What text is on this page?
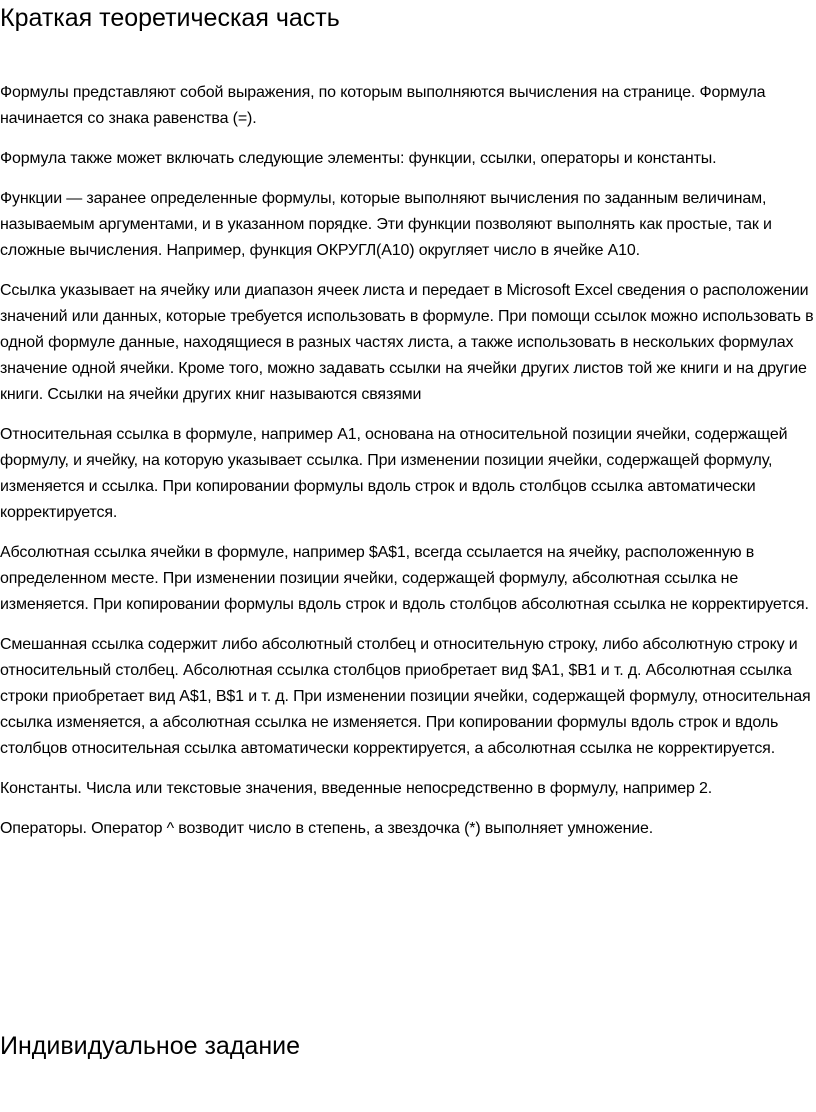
Краткая теоретическая часть

Формулы представляют собой выражения, по которым выполняются вычисления на странице. Формула начинается со знака равенства (=).

Формула также может включать следующие элементы: функции, ссылки, операторы и константы.

Функции — заранее определенные формулы, которые выполняют вычисления по заданным величинам, называемым аргументами, и в указанном порядке. Эти функции позволяют выполнять как простые, так и сложные вычисления. Например, функция ОКРУГЛ(А10) округляет число в ячейке А10.

Ссылка указывает на ячейку или диапазон ячеек листа и передает в Microsoft Excel сведения о расположении значений или данных, которые требуется использовать в формуле. При помощи ссылок можно использовать в одной формуле данные, находящиеся в разных частях листа, а также использовать в нескольких формулах значение одной ячейки. Кроме того, можно задавать ссылки на ячейки других листов той же книги и на другие книги. Ссылки на ячейки других книг называются связями

Относительная ссылка в формуле, например A1, основана на относительной позиции ячейки, содержащей формулу, и ячейку, на которую указывает ссылка. При изменении позиции ячейки, содержащей формулу, изменяется и ссылка. При копировании формулы вдоль строк и вдоль столбцов ссылка автоматически корректируется.

Абсолютная ссылка ячейки в формуле, например $A$1, всегда ссылается на ячейку, расположенную в определенном месте. При изменении позиции ячейки, содержащей формулу, абсолютная ссылка не изменяется. При копировании формулы вдоль строк и вдоль столбцов абсолютная ссылка не корректируется.

Смешанная ссылка содержит либо абсолютный столбец и относительную строку, либо абсолютную строку и относительный столбец. Абсолютная ссылка столбцов приобретает вид $A1, $B1 и т. д. Абсолютная ссылка строки приобретает вид A$1, B$1 и т. д. При изменении позиции ячейки, содержащей формулу, относительная ссылка изменяется, а абсолютная ссылка не изменяется. При копировании формулы вдоль строк и вдоль столбцов относительная ссылка автоматически корректируется, а абсолютная ссылка не корректируется.

Константы. Числа или текстовые значения, введенные непосредственно в формулу, например 2.

Операторы. Оператор ^ возводит число в степень, а звездочка (*) выполняет умножение.

Индивидуальное задание
